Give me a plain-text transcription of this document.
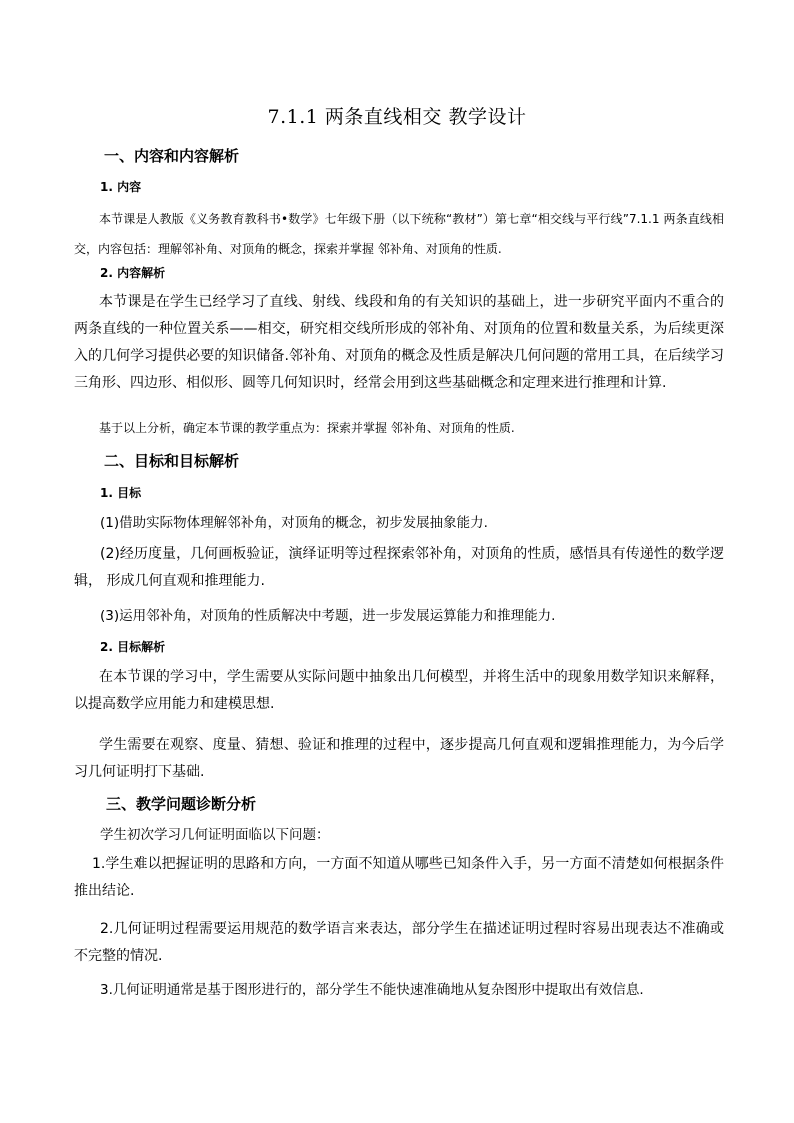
7.1.1 两条直线相交 教学设计
一、内容和内容解析
1. 内容
本节课是人教版《义务教育教科书•数学》七年级下册（以下统称“教材”）第七章“相交线与平行线”7.1.1 两条直线相交，内容包括：理解邻补角、对顶角的概念，探索并掌握 邻补角、对顶角的性质.
2. 内容解析
本节课是在学生已经学习了直线、射线、线段和角的有关知识的基础上，进一步研究平面内不重合的两条直线的一种位置关系——相交，研究相交线所形成的邻补角、对顶角的位置和数量关系，为后续更深入的几何学习提供必要的知识储备.邻补角、对顶角的概念及性质是解决几何问题的常用工具，在后续学习三角形、四边形、相似形、圆等几何知识时，经常会用到这些基础概念和定理来进行推理和计算.
基于以上分析，确定本节课的教学重点为：探索并掌握 邻补角、对顶角的性质.
二、目标和目标解析
1. 目标
(1)借助实际物体理解邻补角，对顶角的概念，初步发展抽象能力.
(2)经历度量，几何画板验证，演绎证明等过程探索邻补角，对顶角的性质，感悟具有传递性的数学逻辑， 形成几何直观和推理能力.
(3)运用邻补角，对顶角的性质解决中考题，进一步发展运算能力和推理能力.
2. 目标解析
在本节课的学习中，学生需要从实际问题中抽象出几何模型，并将生活中的现象用数学知识来解释，以提高数学应用能力和建模思想.
学生需要在观察、度量、猜想、验证和推理的过程中，逐步提高几何直观和逻辑推理能力，为今后学习几何证明打下基础.
三、教学问题诊断分析
学生初次学习几何证明面临以下问题：
1.学生难以把握证明的思路和方向，一方面不知道从哪些已知条件入手，另一方面不清楚如何根据条件推出结论.
2.几何证明过程需要运用规范的数学语言来表达，部分学生在描述证明过程时容易出现表达不准确或不完整的情况.
3.几何证明通常是基于图形进行的，部分学生不能快速准确地从复杂图形中提取出有效信息.
